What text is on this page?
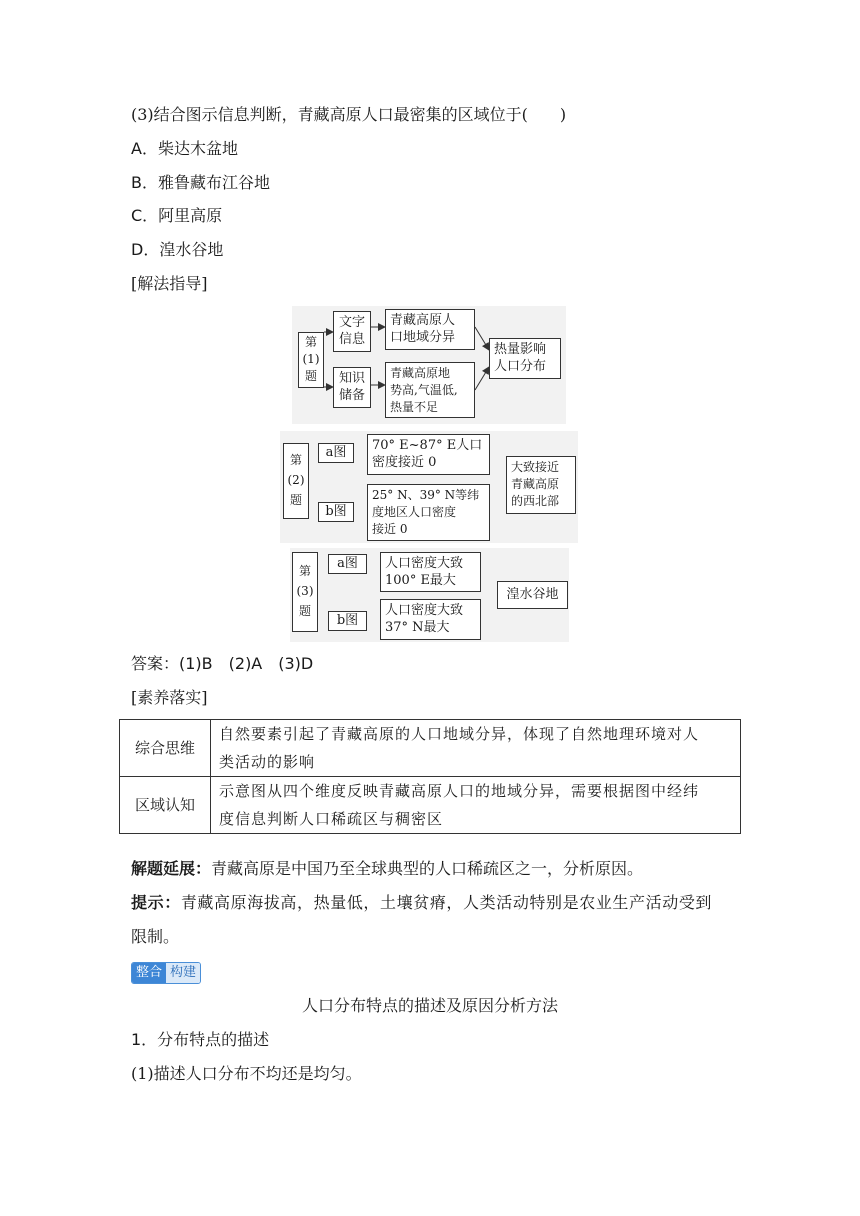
(3)结合图示信息判断，青藏高原人口最密集的区域位于(　　)
A．柴达木盆地
B．雅鲁藏布江谷地
C．阿里高原
D．湟水谷地
[解法指导]
第
(1)
题
文字
信息
知识
储备
青藏高原人
口地域分异
青藏高原地
势高,气温低,
热量不足
热量影响
人口分布
第
(2)
题
a图
b图
70° E~87° E人口
密度接近 0
25° N、39° N等纬
度地区人口密度
接近 0
大致接近
青藏高原
的西北部
第
(3)
题
a图
b图
人口密度大致
100° E最大
人口密度大致
37° N最大
湟水谷地
答案：(1)B　(2)A　(3)D
[素养落实]
综合思维	自然要素引起了青藏高原的人口地域分异，体现了自然地理环境对人
类活动的影响

区域认知	示意图从四个维度反映青藏高原人口的地域分异，需要根据图中经纬
度信息判断人口稀疏区与稠密区
解题延展：青藏高原是中国乃至全球典型的人口稀疏区之一，分析原因。
提示：青藏高原海拔高，热量低，土壤贫瘠，人类活动特别是农业生产活动受到
限制。
整合 构建
人口分布特点的描述及原因分析方法
1．分布特点的描述
(1)描述人口分布不均还是均匀。
